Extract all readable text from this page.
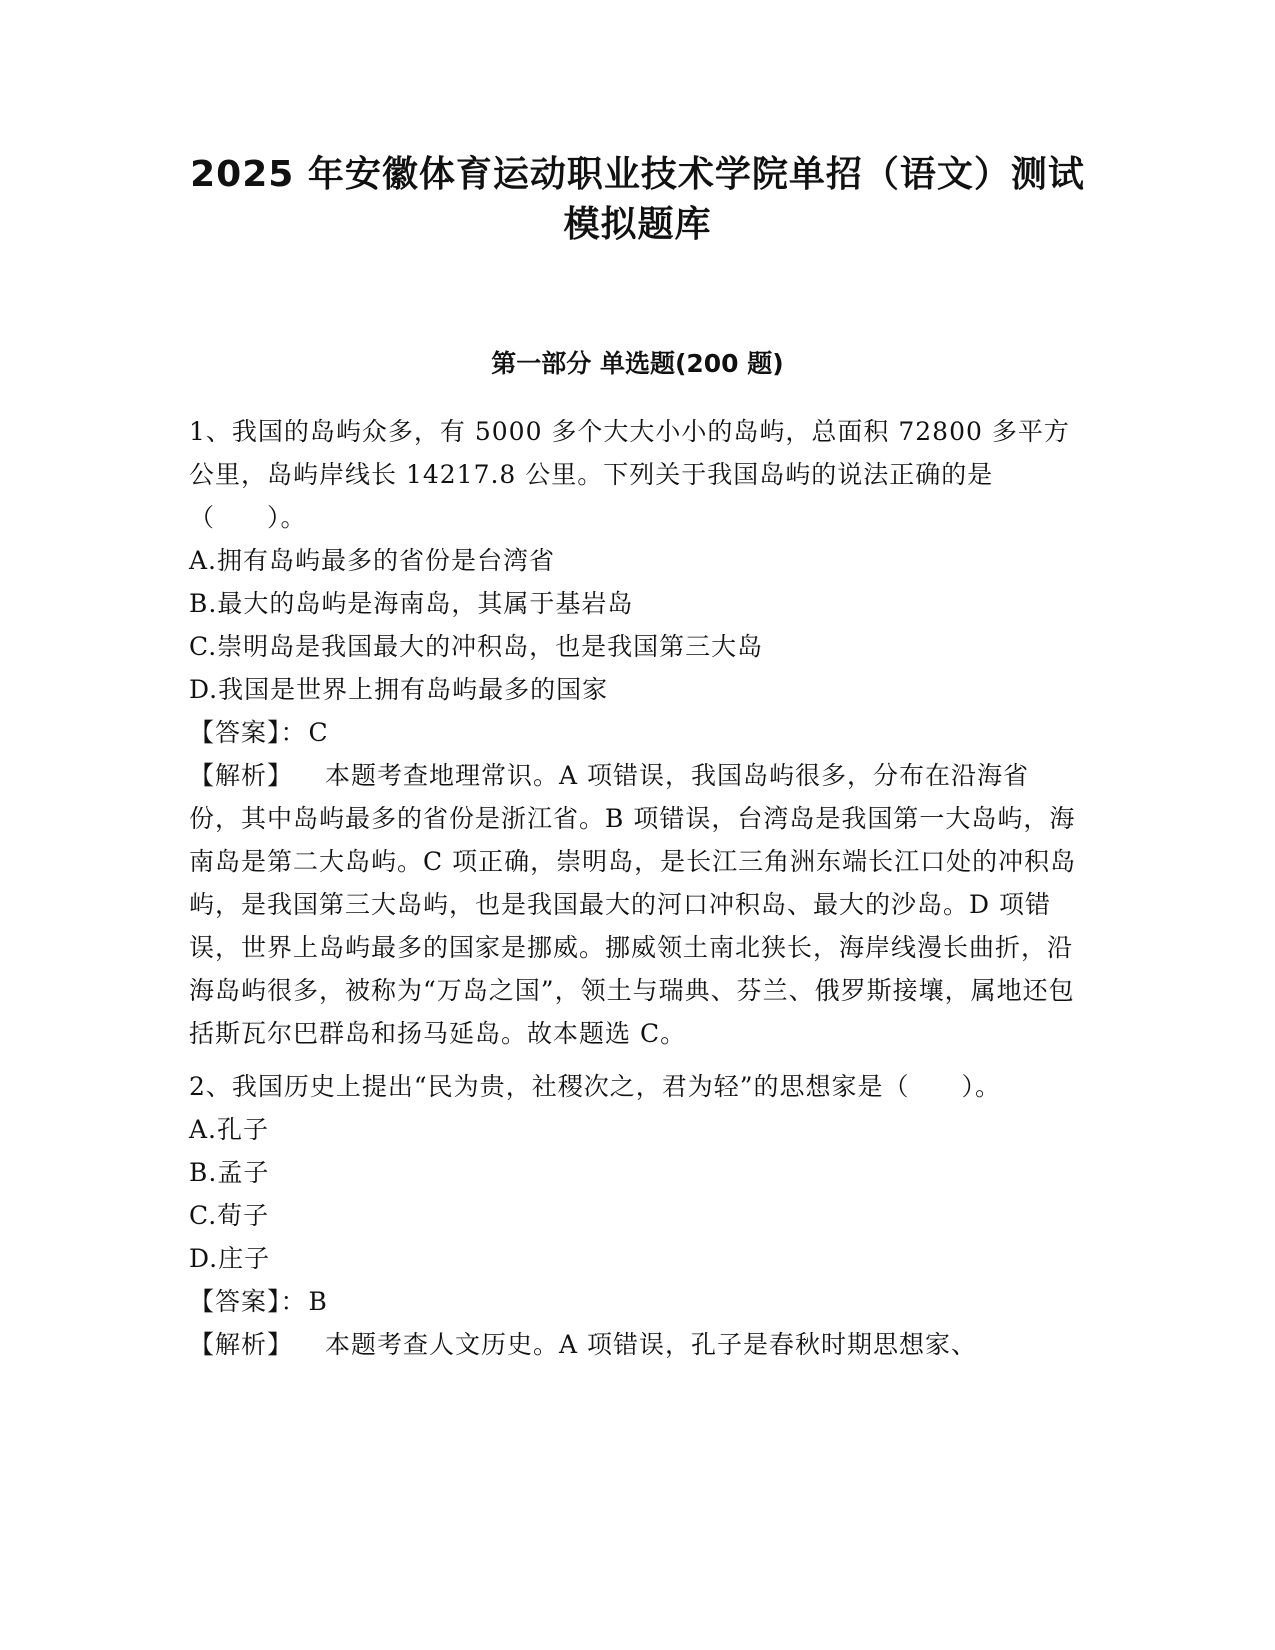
2025 年安徽体育运动职业技术学院单招（语文）测试
模拟题库
第一部分 单选题(200 题)

1、我国的岛屿众多，有 5000 多个大大小小的岛屿，总面积 72800 多平方公里，岛屿岸线长 14217.8 公里。下列关于我国岛屿的说法正确的是（　　）。

A.拥有岛屿最多的省份是台湾省

B.最大的岛屿是海南岛，其属于基岩岛

C.崇明岛是我国最大的冲积岛，也是我国第三大岛

D.我国是世界上拥有岛屿最多的国家

【答案】：C

【解析】 本题考查地理常识。A 项错误，我国岛屿很多，分布在沿海省份，其中岛屿最多的省份是浙江省。B 项错误，台湾岛是我国第一大岛屿，海南岛是第二大岛屿。C 项正确，崇明岛，是长江三角洲东端长江口处的冲积岛屿，是我国第三大岛屿，也是我国最大的河口冲积岛、最大的沙岛。D 项错误，世界上岛屿最多的国家是挪威。挪威领土南北狭长，海岸线漫长曲折，沿海岛屿很多，被称为“万岛之国”，领土与瑞典、芬兰、俄罗斯接壤，属地还包括斯瓦尔巴群岛和扬马延岛。故本题选 C。

2、我国历史上提出“民为贵，社稷次之，君为轻”的思想家是（　　）。

A.孔子

B.孟子

C.荀子

D.庄子

【答案】：B

【解析】 本题考查人文历史。A 项错误，孔子是春秋时期思想家、
